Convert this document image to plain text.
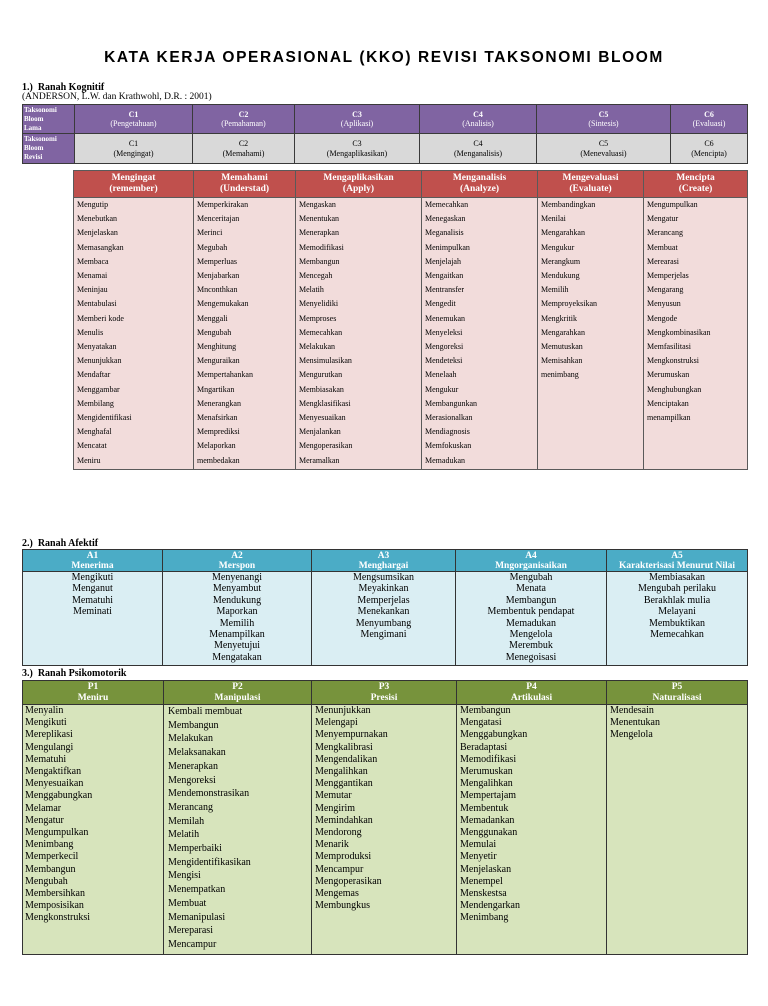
KATA KERJA OPERASIONAL (KKO) REVISI TAKSONOMI BLOOM
1.)  Ranah Kognitif
(ANDERSON, L.W. dan Krathwohl, D.R. : 2001)
Taksonomi Bloom Lama
C1
(Pengetahuan)
C2
(Pemahaman)
C3
(Aplikasi)
C4
(Analisis)
C5
(Sintesis)
C6
(Evaluasi)
Taksonomi Bloom Revisi
C1
(Mengingat)
C2
(Memahami)
C3
(Mengaplikasikan)
C4
(Menganalisis)
C5
(Menevaluasi)
C6
(Mencipta)
Mengingat
(remember)
Memahami
(Understad)
Mengaplikasikan
(Apply)
Menganalisis
(Analyze)
Mengevaluasi
(Evaluate)
Mencipta
(Create)
Mengutip
Menebutkan
Menjelaskan
Memasangkan
Membaca
Menamai
Meninjau
Mentabulasi
Memberi kode
Menulis
Menyatakan
Menunjukkan
Mendaftar
Menggambar
Membilang
Mengidentifikasi
Menghafal
Mencatat
Meniru
Memperkirakan
Menceritajan
Merinci
Megubah
Memperluas
Menjabarkan
Mnconthkan
Mengemukakan
Menggali
Mengubah
Menghitung
Menguraikan
Mempertahankan
Mngartikan
Menerangkan
Menafsirkan
Memprediksi
Melaporkan
membedakan
Mengaskan
Menentukan
Menerapkan
Memodifikasi
Membangun
Mencegah
Melatih
Menyelidiki
Memproses
Memecahkan
Melakukan
Mensimulasikan
Mengurutkan
Membiasakan
Mengklasifikasi
Menyesuaikan
Menjalankan
Mengoperasikan
Meramalkan
Memecahkan
Menegaskan
Meganalisis
Menimpulkan
Menjelajah
Mengaitkan
Mentransfer
Mengedit
Menemukan
Menyeleksi
Mengoreksi
Mendeteksi
Menelaah
Mengukur
Membangunkan
Merasionalkan
Mendiagnosis
Memfokuskan
Memadukan
Membandingkan
Menilai
Mengarahkan
Mengukur
Merangkum
Mendukung
Memilih
Memproyeksikan
Mengkritik
Mengarahkan
Memutuskan
Memisahkan
menimbang
Mengumpulkan
Mengatur
Merancang
Membuat
Merearasi
Memperjelas
Mengarang
Menyusun
Mengode
Mengkombinasikan
Memfasilitasi
Mengkonstruksi
Merumuskan
Menghubungkan
Menciptakan
menampilkan
2.)  Ranah Afektif
A1
Menerima
A2
Merspon
A3
Menghargai
A4
Mngorganisaikan
A5
Karakterisasi Menurut Nilai
Mengikuti
Menganut
Mematuhi
Meminati
Menyenangi
Menyambut
Mendukung
Maporkan
Memilih
Menampilkan
Menyetujui
Mengatakan
Mengsumsikan
Meyakinkan
Memperjelas
Menekankan
Menyumbang
Mengimani
Mengubah
Menata
Membangun
Membentuk pendapat
Memadukan
Mengelola
Merembuk
Menegoisasi
Membiasakan
Mengubah perilaku
Berakhlak mulia
Melayani
Membuktikan
Memecahkan
3.)  Ranah Psikomotorik
P1
Meniru
P2
Manipulasi
P3
Presisi
P4
Artikulasi
P5
Naturalisasi
Menyalin
Mengikuti
Mereplikasi
Mengulangi
Mematuhi
Mengaktifkan
Menyesuaikan
Menggabungkan
Melamar
Mengatur
Mengumpulkan
Menimbang
Memperkecil
Membangun
Mengubah
Membersihkan
Memposisikan
Mengkonstruksi
Kembali membuat
Membangun
Melakukan
Melaksanakan
Menerapkan
Mengoreksi
Mendemonstrasikan
Merancang
Memilah
Melatih
Memperbaiki
Mengidentifikasikan
Mengisi
Menempatkan
Membuat
Memanipulasi
Mereparasi
Mencampur
Menunjukkan
Melengapi
Menyempurnakan
Mengkalibrasi
Mengendalikan
Mengalihkan
Menggantikan
Memutar
Mengirim
Memindahkan
Mendorong
Menarik
Memproduksi
Mencampur
Mengoperasikan
Mengemas
Membungkus
Membangun
Mengatasi
Menggabungkan
Beradaptasi
Memodifikasi
Merumuskan
Mengalihkan
Mempertajam
Membentuk
Memadankan
Menggunakan
Memulai
Menyetir
Menjelaskan
Menempel
Menskestsa
Mendengarkan
Menimbang
Mendesain
Menentukan
Mengelola
